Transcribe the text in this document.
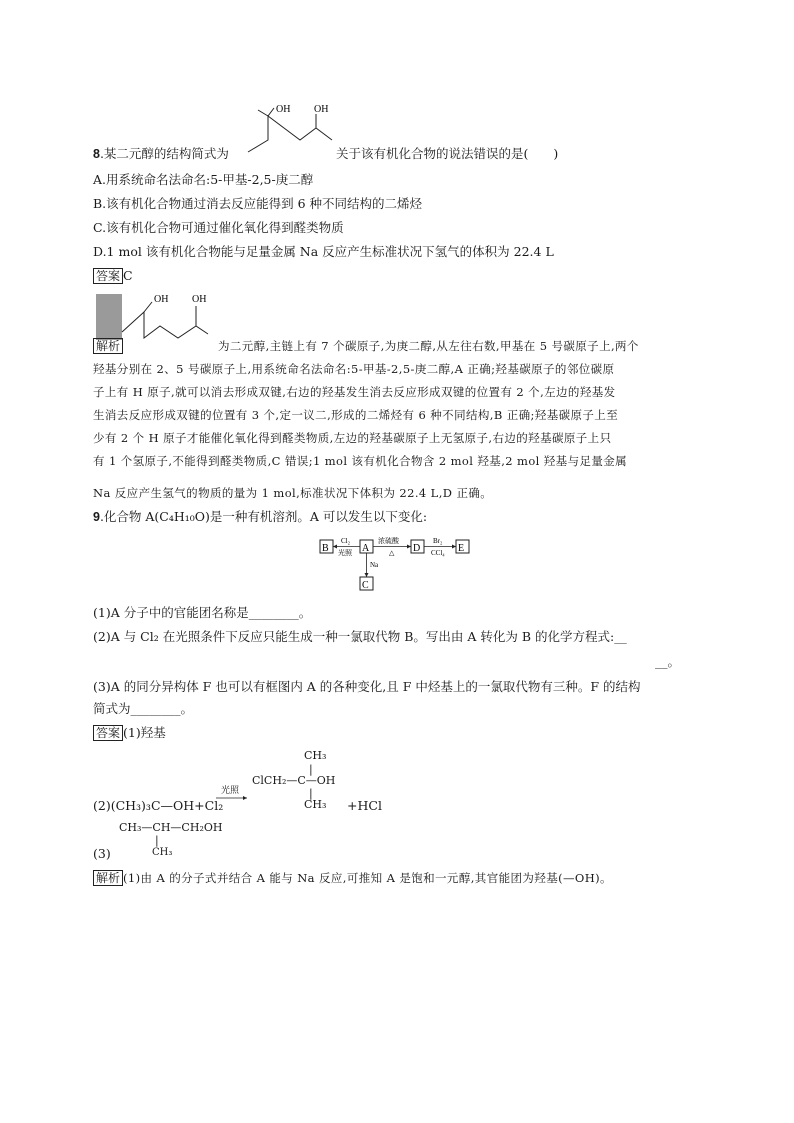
OH OH
8.某二元醇的结构简式为	关于该有机化合物的说法错误的是(　　)
A.用系统命名法命名:5-甲基-2,5-庚二醇
B.该有机化合物通过消去反应能得到 6 种不同结构的二烯烃
C.该有机化合物可通过催化氧化得到醛类物质
D.1 mol 该有机化合物能与足量金属 Na 反应产生标准状况下氢气的体积为 22.4 L
答案 C
OH OH
解析	为二元醇,主链上有 7 个碳原子,为庚二醇,从左往右数,甲基在 5 号碳原子上,两个
羟基分别在 2、5 号碳原子上,用系统命名法命名:5-甲基-2,5-庚二醇,A 正确;羟基碳原子的邻位碳原
子上有 H 原子,就可以消去形成双键,右边的羟基发生消去反应形成双键的位置有 2 个,左边的羟基发
生消去反应形成双键的位置有 3 个,定一议二,形成的二烯烃有 6 种不同结构,B 正确;羟基碳原子上至
少有 2 个 H 原子才能催化氧化得到醛类物质,左边的羟基碳原子上无氢原子,右边的羟基碳原子上只
有 1 个氢原子,不能得到醛类物质,C 错误;1 mol 该有机化合物含 2 mol 羟基,2 mol 羟基与足量金属
Na 反应产生氢气的物质的量为 1 mol,标准状况下体积为 22.4 L,D 正确。
9.化合物 A(C₄H₁₀O)是一种有机溶剂。A 可以发生以下变化:
B
Cl₂
光照 A
浓硫酸
△ D
Br₂
CCl₄ E
Na
C
(1)A 分子中的官能团名称是________。
(2)A 与 Cl₂ 在光照条件下反应只能生成一种一氯取代物 B。写出由 A 转化为 B 的化学方程式:__
__。
(3)A 的同分异构体 F 也可以有框图内 A 的各种变化,且 F 中烃基上的一氯取代物有三种。F 的结构
简式为________。
答案 (1)羟基
(2)(CH₃)₃C—OH+Cl₂
光照
CH₃
|
ClCH₂—C—OH
|
CH₃ +HCl
CH₃—CH—CH₂OH
|
(3)	CH₃
解析 (1)由 A 的分子式并结合 A 能与 Na 反应,可推知 A 是饱和一元醇,其官能团为羟基(—OH)。
